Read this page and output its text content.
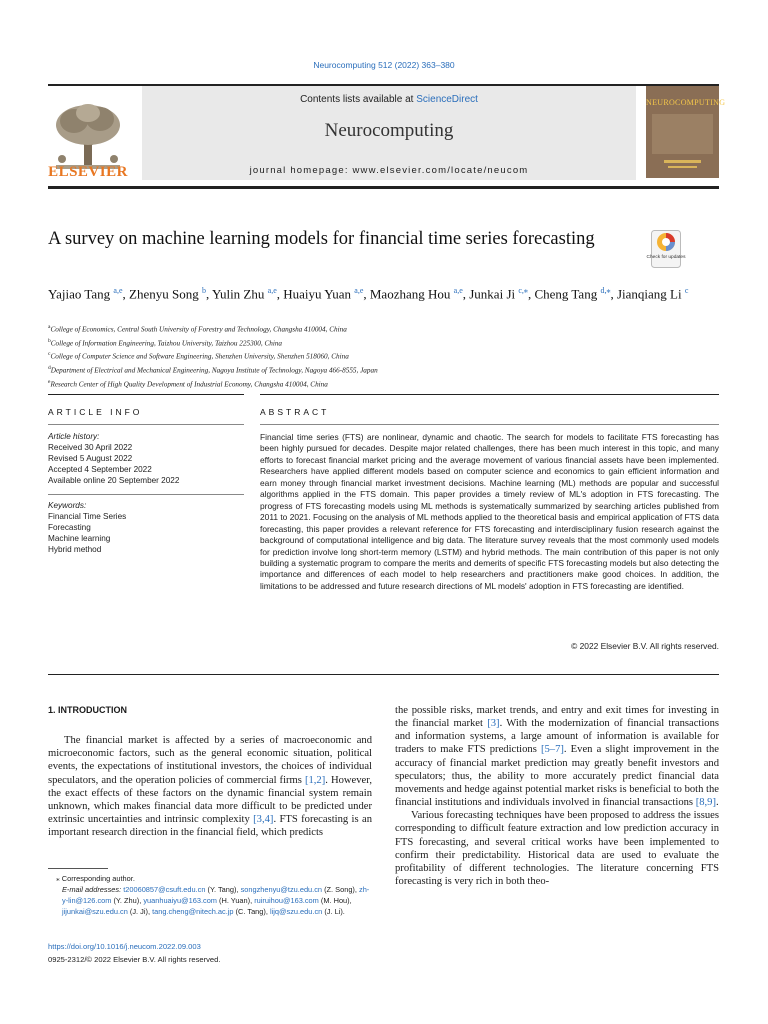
Neurocomputing 512 (2022) 363–380
Contents lists available at ScienceDirect
Neurocomputing
journal homepage: www.elsevier.com/locate/neucom
ELSEVIER
NEUROCOMPUTING
A survey on machine learning models for financial time series forecasting
Check for updates
Yajiao Tang $^{a,e}$, Zhenyu Song $^b$, Yulin Zhu $^{a,e}$, Huaiyu Yuan $^{a,e}$, Maozhang Hou $^{a,e}$, Junkai Ji $^{c,⁎}$, Cheng Tang $^{d,⁎}$, Jianqiang Li $^c$
$^a$College of Economics, Central South University of Forestry and Technology, Changsha 410004, China
$^b$College of Information Engineering, Taizhou University, Taizhou 225300, China
$^c$College of Computer Science and Software Engineering, Shenzhen University, Shenzhen 518060, China
$^d$Department of Electrical and Mechanical Engineering, Nagoya Institute of Technology, Nagoya 466-8555, Japan
$^e$Research Center of High Quality Development of Industrial Economy, Changsha 410004, China
ARTICLE INFO	ABSTRACT
Article history:
Received 30 April 2022
Revised 5 August 2022
Accepted 4 September 2022
Available online 20 September 2022
Keywords:
Financial Time Series
Forecasting
Machine learning
Hybrid method
Financial time series (FTS) are nonlinear, dynamic and chaotic. The search for models to facilitate FTS forecasting has been highly pursued for decades. Despite major related challenges, there has been much interest in this topic, and many efforts to forecast financial market pricing and the average movement of various financial assets have been implemented. Researchers have applied different models based on computer science and economics to gain efficient information and earn money through financial market investment decisions. Machine learning (ML) methods are popular and successful algorithms applied in the FTS domain. This paper provides a timely review of ML's adoption in FTS forecasting. The progress of FTS forecasting models using ML methods is systematically summarized by searching articles published from 2011 to 2021. Focusing on the analysis of ML methods applied to the theoretical basis and empirical application of FTS data forecasting, this paper provides a relevant reference for FTS forecasting and interdisciplinary fusion research against the background of computational intelligence and big data. The literature survey reveals that the most commonly used models for prediction involve long short-term memory (LSTM) and hybrid methods. The main contribution of this paper is not only building a systematic program to compare the merits and demerits of specific FTS forecasting models but also detecting the importance and differences of each model to help researchers and practitioners make good choices. In addition, the limitations to be addressed and future research directions of ML models' adoption in FTS forecasting are identified.
© 2022 Elsevier B.V. All rights reserved.

1. INTRODUCTION

The financial market is affected by a series of macroeconomic and microeconomic factors, such as the general economic situation, political events, the expectations of institutional investors, the choices of individual speculators, and the operation policies of commercial firms [1,2]. However, the exact effects of these factors on the dynamic financial system remain unknown, which makes financial data more difficult to be predicted under extrinsic uncertainties and intrinsic complexity [3,4]. FTS forecasting is an important research direction in the financial field, which predicts

the possible risks, market trends, and entry and exit times for investing in the financial market [3]. With the modernization of financial transactions and information systems, a large amount of information is available for traders to make FTS predictions [5–7]. Even a slight improvement in the accuracy of financial market prediction may greatly benefit investors and speculators; thus, the ability to more accurately predict financial data movements and hedge against potential market risks is beneficial to both the financial institutions and individuals involved in financial transactions [8,9].

Various forecasting techniques have been proposed to address the issues corresponding to difficult feature extraction and low prediction accuracy in FTS forecasting, and several critical works have been implemented to confirm their predictability. Historical data are used to evaluate the profitability of different technologies. The literature concerning FTS forecasting is very rich in both theo-

⁎ Corresponding author.
E-mail addresses: t20060857@csuft.edu.cn (Y. Tang), songzhenyu@tzu.edu.cn (Z. Song), zh-y-lin@126.com (Y. Zhu), yuanhuaiyu@163.com (H. Yuan), ruiruihou@163.com (M. Hou), jijunkai@szu.edu.cn (J. Ji), tang.cheng@nitech.ac.jp (C. Tang), lijq@szu.edu.cn (J. Li).
https://doi.org/10.1016/j.neucom.2022.09.003
0925-2312/© 2022 Elsevier B.V. All rights reserved.
